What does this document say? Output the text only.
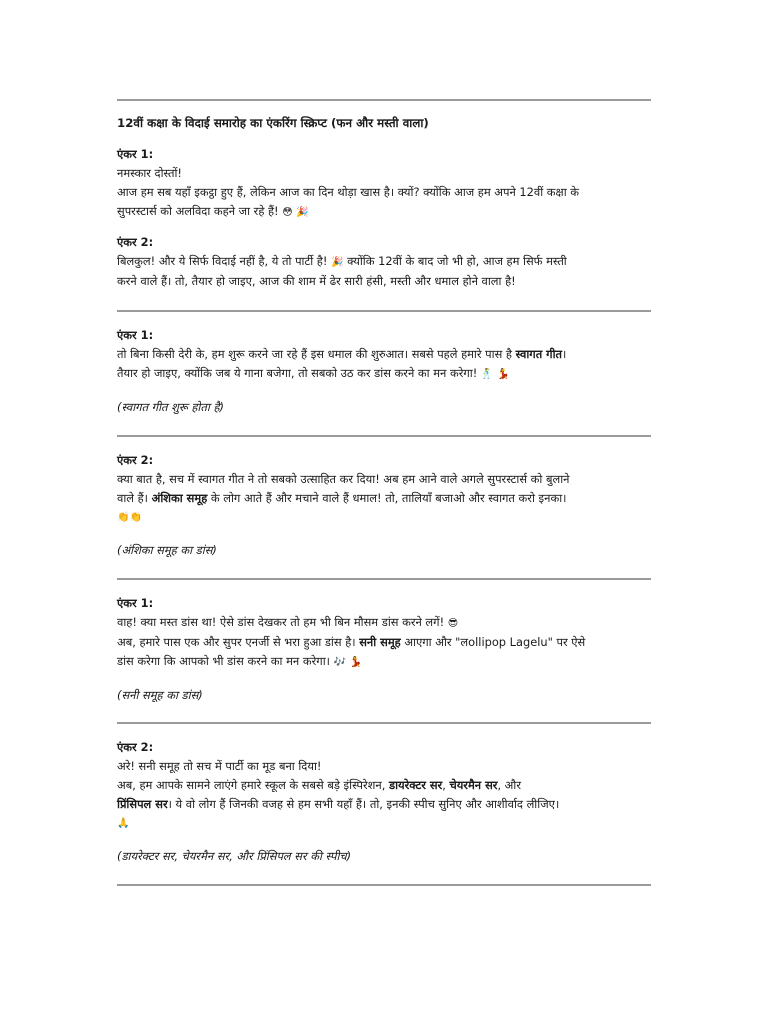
12वीं कक्षा के विदाई समारोह का एंकरिंग स्क्रिप्ट (फन और मस्ती वाला)
एंकर 1:
नमस्कार दोस्तों!
आज हम सब यहाँ इकट्ठा हुए हैं, लेकिन आज का दिन थोड़ा खास है। क्यों? क्योंकि आज हम अपने 12वीं कक्षा के
सुपरस्टार्स को अलविदा कहने जा रहे हैं! 😳 🎉
एंकर 2:
बिलकुल! और ये सिर्फ विदाई नहीं है, ये तो पार्टी है! 🎉 क्योंकि 12वीं के बाद जो भी हो, आज हम सिर्फ मस्ती
करने वाले हैं। तो, तैयार हो जाइए, आज की शाम में ढेर सारी हंसी, मस्ती और धमाल होने वाला है!
एंकर 1:
तो बिना किसी देरी के, हम शुरू करने जा रहे हैं इस धमाल की शुरुआत। सबसे पहले हमारे पास है स्वागत गीत।
तैयार हो जाइए, क्योंकि जब ये गाना बजेगा, तो सबको उठ कर डांस करने का मन करेगा! 🕺 💃
(स्वागत गीत शुरू होता है)
एंकर 2:
क्या बात है, सच में स्वागत गीत ने तो सबको उत्साहित कर दिया! अब हम आने वाले अगले सुपरस्टार्स को बुलाने
वाले हैं। अंशिका समूह के लोग आते हैं और मचाने वाले हैं धमाल! तो, तालियाँ बजाओ और स्वागत करो इनका।
👏👏
(अंशिका समूह का डांस)
एंकर 1:
वाह! क्या मस्त डांस था! ऐसे डांस देखकर तो हम भी बिन मौसम डांस करने लगें! 😎
अब, हमारे पास एक और सुपर एनर्जी से भरा हुआ डांस है। सनी समूह आएगा और "लollipop Lagelu" पर ऐसे
डांस करेगा कि आपको भी डांस करने का मन करेगा। 🎶 💃
(सनी समूह का डांस)
एंकर 2:
अरे! सनी समूह तो सच में पार्टी का मूड बना दिया!
अब, हम आपके सामने लाएंगे हमारे स्कूल के सबसे बड़े इंस्पिरेशन, डायरेक्टर सर, चेयरमैन सर, और
प्रिंसिपल सर। ये वो लोग हैं जिनकी वजह से हम सभी यहाँ हैं। तो, इनकी स्पीच सुनिए और आशीर्वाद लीजिए।
🙏
(डायरेक्टर सर, चेयरमैन सर, और प्रिंसिपल सर की स्पीच)
